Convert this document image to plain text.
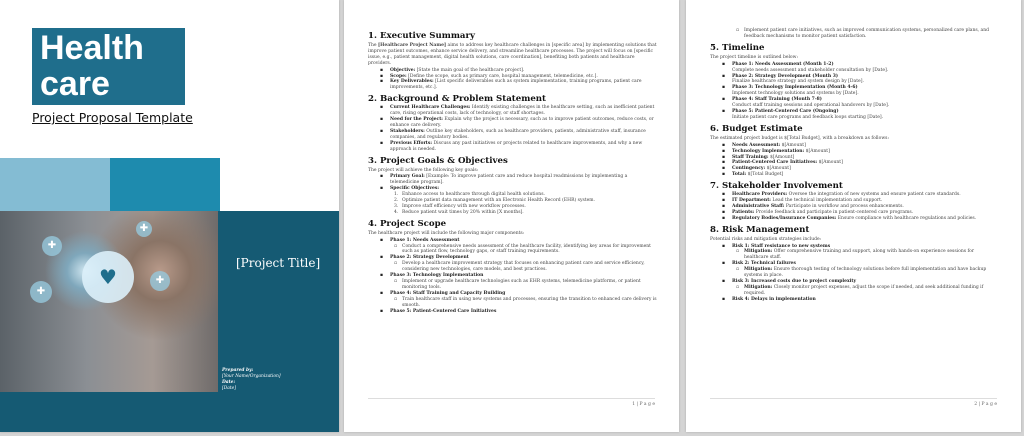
Health
care
Project Proposal Template
✚
✚
♥	✚
✚
[Project Title]
Prepared by:
[Your Name/Organization]
Date:
[Date]
1. Executive Summary
The [Healthcare Project Name] aims to address key healthcare challenges in [specific area] by implementing solutions that improve patient outcomes, enhance service delivery, and streamline healthcare processes. The project will focus on [specific issue, e.g., patient management, digital health solutions, care coordination], benefiting both patients and healthcare providers.
▪ Objective: [State the main goal of the healthcare project].
▪ Scope: [Define the scope, such as primary care, hospital management, telemedicine, etc.].
▪ Key Deliverables: [List specific deliverables such as system implementation, training programs, patient care improvements, etc.].
2. Background & Problem Statement
▪ Current Healthcare Challenges: Identify existing challenges in the healthcare setting, such as inefficient patient care, rising operational costs, lack of technology, or staff shortages.
▪ Need for the Project: Explain why the project is necessary, such as to improve patient outcomes, reduce costs, or enhance care delivery.
▪ Stakeholders: Outline key stakeholders, such as healthcare providers, patients, administrative staff, insurance companies, and regulatory bodies.
▪ Previous Efforts: Discuss any past initiatives or projects related to healthcare improvements, and why a new approach is needed.
3. Project Goals & Objectives
The project will achieve the following key goals:
▪ Primary Goal: [Example: To improve patient care and reduce hospital readmissions by implementing a telemedicine program].
▪ Specific Objectives:
1. Enhance access to healthcare through digital health solutions.
2. Optimize patient data management with an Electronic Health Record (EHR) system.
3. Improve staff efficiency with new workflow processes.
4. Reduce patient wait times by 20% within [X months].
4. Project Scope
The healthcare project will include the following major components:
▪ Phase 1: Needs Assessment
▫ Conduct a comprehensive needs assessment of the healthcare facility, identifying key areas for improvement such as patient flow, technology gaps, or staff training requirements.
▪ Phase 2: Strategy Development
▫ Develop a healthcare improvement strategy that focuses on enhancing patient care and service efficiency, considering new technologies, care models, and best practices.
▪ Phase 3: Technology Implementation
▫ Implement or upgrade healthcare technologies such as EHR systems, telemedicine platforms, or patient monitoring tools.
▪ Phase 4: Staff Training and Capacity Building
▫ Train healthcare staff in using new systems and processes, ensuring the transition to enhanced care delivery is smooth.
▪ Phase 5: Patient-Centered Care Initiatives
1 | P a g e
▫ Implement patient care initiatives, such as improved communication systems, personalized care plans, and feedback mechanisms to monitor patient satisfaction.
5. Timeline
The project timeline is outlined below:
▪ Phase 1: Needs Assessment (Month 1-2)
Complete needs assessment and stakeholder consultation by [Date].
▪ Phase 2: Strategy Development (Month 3)
Finalize healthcare strategy and system design by [Date].
▪ Phase 3: Technology Implementation (Month 4-6)
Implement technology solutions and systems by [Date].
▪ Phase 4: Staff Training (Month 7-8)
Conduct staff training sessions and operational handovers by [Date].
▪ Phase 5: Patient-Centered Care (Ongoing)
Initiate patient care programs and feedback loops starting [Date].
6. Budget Estimate
The estimated project budget is $[Total Budget], with a breakdown as follows:
▪ Needs Assessment: $[Amount]
▪ Technology Implementation: $[Amount]
▪ Staff Training: $[Amount]
▪ Patient-Centered Care Initiatives: $[Amount]
▪ Contingency: $[Amount]
▪ Total: $[Total Budget]
7. Stakeholder Involvement
▪ Healthcare Providers: Oversee the integration of new systems and ensure patient care standards.
▪ IT Department: Lead the technical implementation and support.
▪ Administrative Staff: Participate in workflow and process enhancements.
▪ Patients: Provide feedback and participate in patient-centered care programs.
▪ Regulatory Bodies/Insurance Companies: Ensure compliance with healthcare regulations and policies.
8. Risk Management
Potential risks and mitigation strategies include:
▪ Risk 1: Staff resistance to new systems
▫ Mitigation: Offer comprehensive training and support, along with hands-on experience sessions for healthcare staff.
▪ Risk 2: Technical failures
▫ Mitigation: Ensure thorough testing of technology solutions before full implementation and have backup systems in place.
▪ Risk 3: Increased costs due to project complexity
▫ Mitigation: Closely monitor project expenses, adjust the scope if needed, and seek additional funding if required.
▪ Risk 4: Delays in implementation
2 | P a g e
